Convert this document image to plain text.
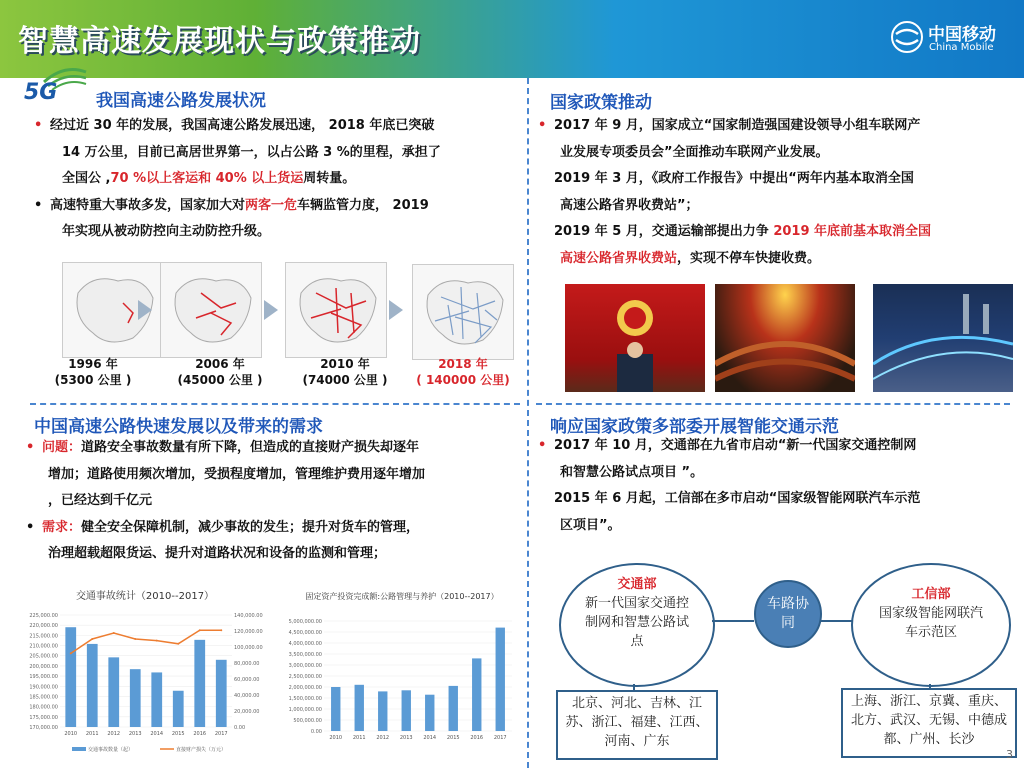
智慧高速发展现状与政策推动	中国移动
China Mobile
5G 我国高速公路发展状况

• 经过近 30 年的发展，我国高速公路发展迅速， 2018 年底已突破

14 万公里，目前已高居世界第一，以占公路 3 %的里程，承担了

全国公 ,70 %以上客运和 40% 以上货运周转量。

• 高速特重大事故多发，国家加大对两客一危车辆监管力度， 2019

年实现从被动防控向主动防控升级。

1996 年
(5300 公里 )
2006 年
(45000 公里 )
2010 年
(74000 公里 )
2018 年
( 140000 公里)
国家政策推动

• 2017 年 9 月，国家成立“国家制造强国建设领导小组车联网产

业发展专项委员会”全面推动车联网产业发展。

2019 年 3 月，《政府工作报告》中提出“两年内基本取消全国

高速公路省界收费站”；

2019 年 5 月，交通运输部提出力争 2019 年底前基本取消全国

高速公路省界收费站，实现不停车快捷收费。

中国高速公路快速发展以及带来的需求

• 问题：道路安全事故数量有所下降，但造成的直接财产损失却逐年

增加；道路使用频次增加，受损程度增加，管理维护费用逐年增加

，已经达到千亿元

• 需求：健全安全保障机制，减少事故的发生；提升对货车的管理，

治理超载超限货运、提升对道路状况和设备的监测和管理；

交通事故统计（2010--2017）
170,000.00
175,000.00
180,000.00
185,000.00
190,000.00
195,000.00
200,000.00
205,000.00
210,000.00
215,000.00
220,000.00
225,000.00
0.00
20,000.00
40,000.00
60,000.00
80,000.00
100,000.00
120,000.00
140,000.00
2010 2011 2012 2013 2014 2015 2016 2017
交通事故数量（起）	直接财产损失（万元）
固定资产投资完成额:公路管理与养护（2010--2017）
0.00
500,000.00
1,000,000.00
1,500,000.00
2,000,000.00
2,500,000.00
3,000,000.00
3,500,000.00
4,000,000.00
4,500,000.00
5,000,000.00
2010 2011 2012 2013 2014 2015 2016 2017
响应国家政策多部委开展智能交通示范

• 2017 年 10 月，交通部在九省市启动“新一代国家交通控制网

和智慧公路试点项目 ”。

2015 年 6 月起，工信部在多市启动“国家级智能网联汽车示范

区项目”。

交通部
新一代国家交通控制网和智慧公路试点
车路协同
工信部
国家级智能网联汽车示范区
北京、河北、吉林、江苏、浙江、福建、江西、河南、广东
上海、浙江、京冀、重庆、北方、武汉、无锡、中德成都、广州、长沙
3
